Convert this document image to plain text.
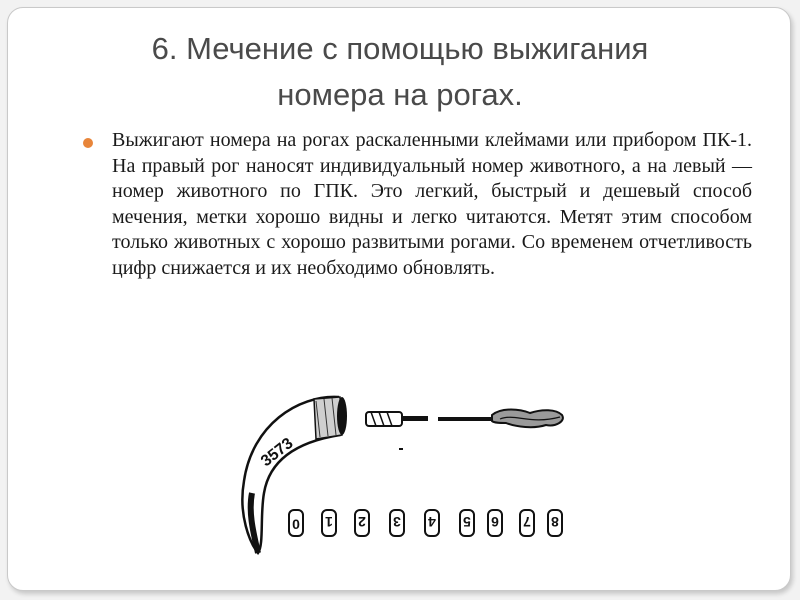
6. Мечение с помощью выжигания
номера на рогах.

Выжигают номера на рогах раскаленными клеймами или прибором ПК-1. На правый рог наносят индивидуальный номер животного, а на левый — номер животного по ГПК. Это легкий, быстрый и дешевый способ мечения, метки хорошо видны и легко читаются. Метят этим способом только животных с хорошо развитыми рогами. Со временем отчетливость цифр снижается и их необходимо обновлять.

3573
0 1 2 3 4 5 6 7 8
